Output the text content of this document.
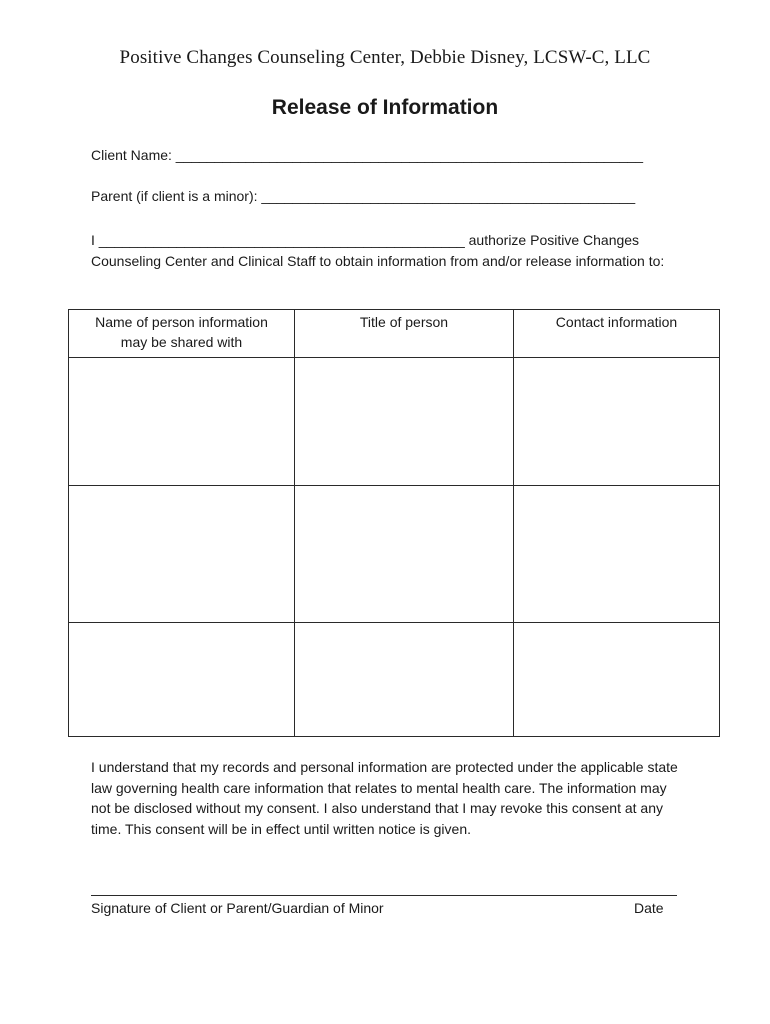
Positive Changes Counseling Center, Debbie Disney, LCSW-C, LLC
Release of Information
Client Name: ____________________________________________________________
Parent (if client is a minor): ________________________________________________
I _______________________________________________ authorize Positive Changes Counseling Center and Clinical Staff to obtain information from and/or release information to:
Name of person information may be shared with	Title of person	Contact information

I understand that my records and personal information are protected under the applicable state law governing health care information that relates to mental health care. The information may not be disclosed without my consent. I also understand that I may revoke this consent at any time. This consent will be in effect until written notice is given.
Signature of Client or Parent/Guardian of Minor	Date
